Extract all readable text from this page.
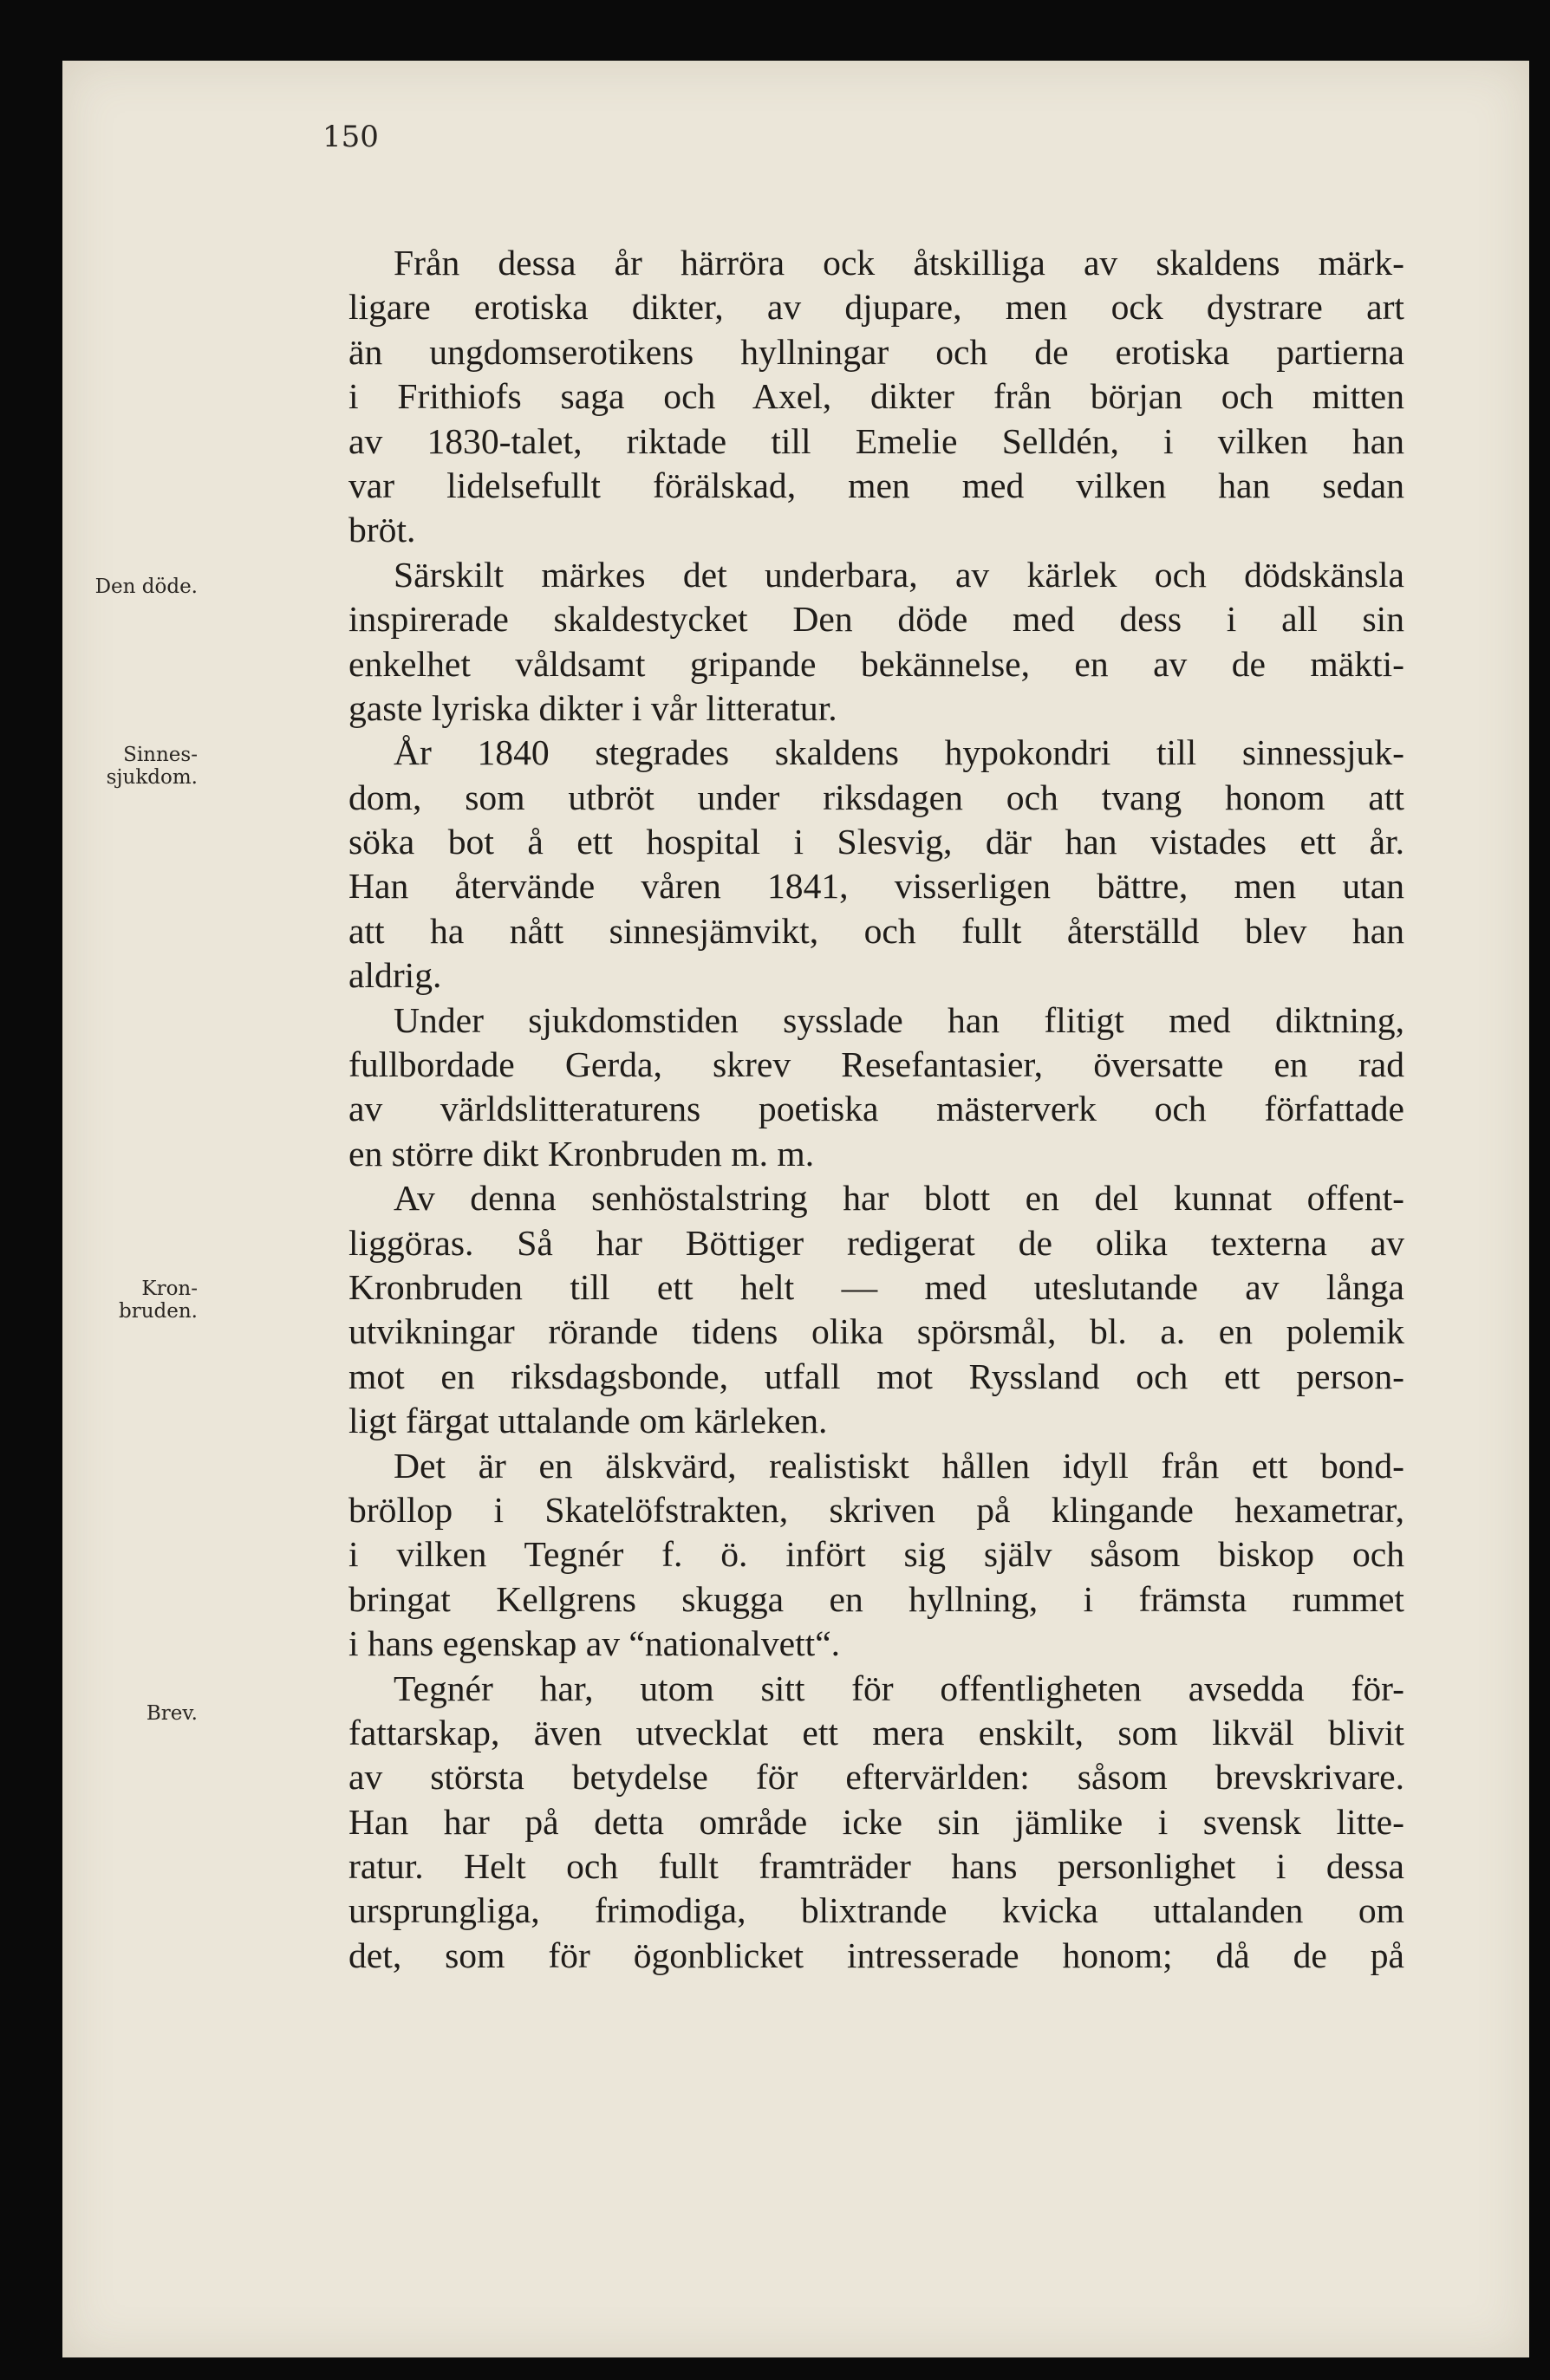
150
Den döde.
Sinnes-
sjukdom.
Kron-
bruden.
Brev.
Från dessa år härröra ock åtskilliga av skaldens märk-
ligare erotiska dikter, av djupare, men ock dystrare art
än ungdomserotikens hyllningar och de erotiska partierna
i Frithiofs saga och Axel, dikter från början och mitten
av 1830-talet, riktade till Emelie Selldén, i vilken han
var lidelsefullt förälskad, men med vilken han sedan
bröt.
Särskilt märkes det underbara, av kärlek och dödskänsla
inspirerade skaldestycket Den döde med dess i all sin
enkelhet våldsamt gripande bekännelse, en av de mäkti-
gaste lyriska dikter i vår litteratur.
År 1840 stegrades skaldens hypokondri till sinnessjuk-
dom, som utbröt under riksdagen och tvang honom att
söka bot å ett hospital i Slesvig, där han vistades ett år.
Han återvände våren 1841, visserligen bättre, men utan
att ha nått sinnesjämvikt, och fullt återställd blev han
aldrig.
Under sjukdomstiden sysslade han flitigt med diktning,
fullbordade Gerda, skrev Resefantasier, översatte en rad
av världslitteraturens poetiska mästerverk och författade
en större dikt Kronbruden m. m.
Av denna senhöstalstring har blott en del kunnat offent-
liggöras. Så har Böttiger redigerat de olika texterna av
Kronbruden till ett helt — med uteslutande av långa
utvikningar rörande tidens olika spörsmål, bl. a. en polemik
mot en riksdagsbonde, utfall mot Ryssland och ett person-
ligt färgat uttalande om kärleken.
Det är en älskvärd, realistiskt hållen idyll från ett bond-
bröllop i Skatelöfstrakten, skriven på klingande hexametrar,
i vilken Tegnér f. ö. infört sig själv såsom biskop och
bringat Kellgrens skugga en hyllning, i främsta rummet
i hans egenskap av “nationalvett“.
Tegnér har, utom sitt för offentligheten avsedda för-
fattarskap, även utvecklat ett mera enskilt, som likväl blivit
av största betydelse för eftervärlden: såsom brevskrivare.
Han har på detta område icke sin jämlike i svensk litte-
ratur. Helt och fullt framträder hans personlighet i dessa
ursprungliga, frimodiga, blixtrande kvicka uttalanden om
det, som för ögonblicket intresserade honom; då de på
